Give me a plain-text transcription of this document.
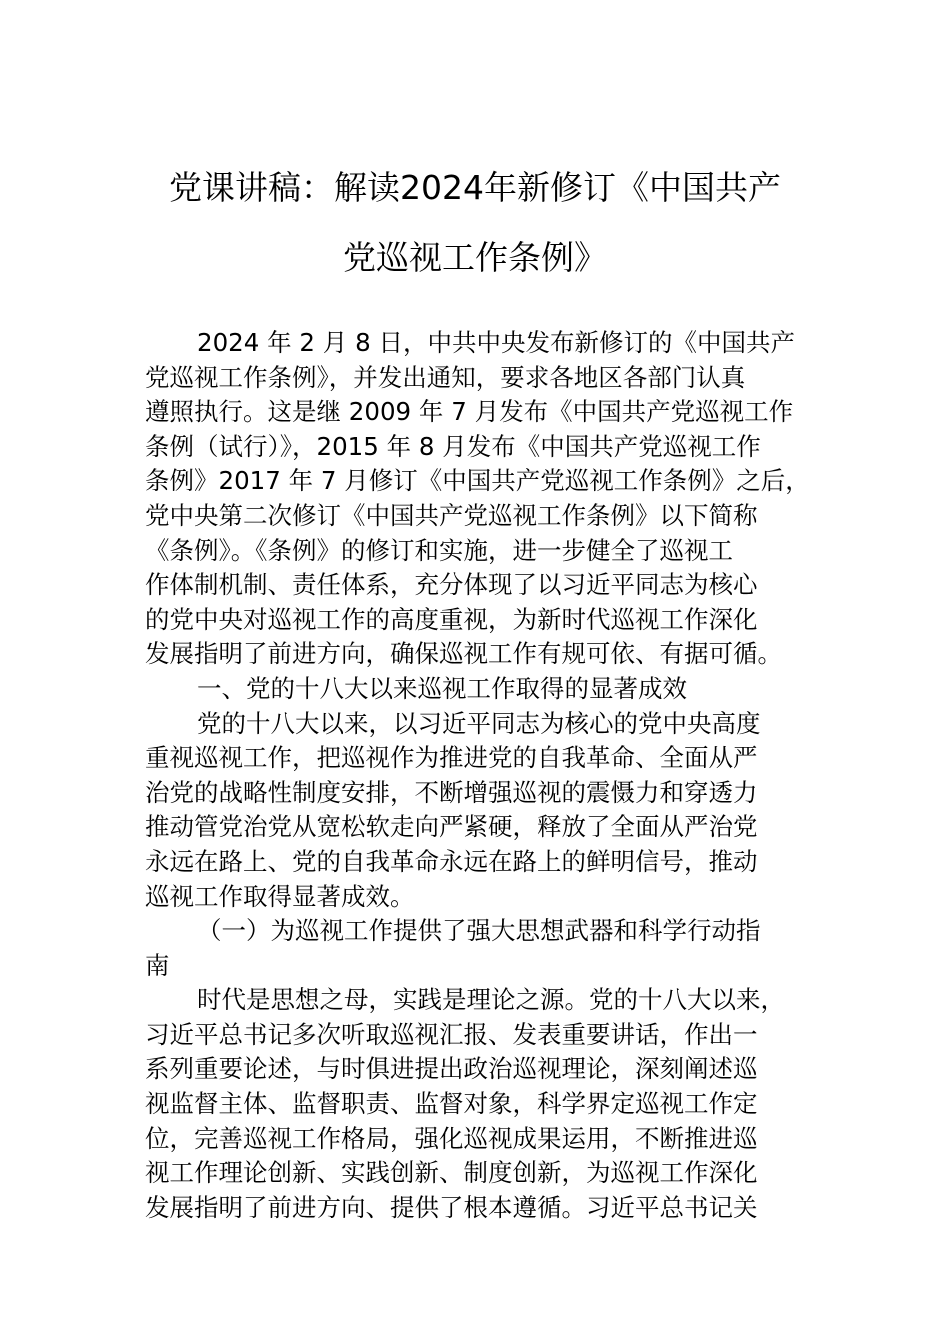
党课讲稿：解读2024年新修订《中国共产
党巡视工作条例》
2024 年 2 月 8 日，中共中央发布新修订的《中国共产
党巡视工作条例》，并发出通知，要求各地区各部门认真
遵照执行。这是继 2009 年 7 月发布《中国共产党巡视工作
条例（试行）》，2015 年 8 月发布《中国共产党巡视工作
条例》2017 年 7 月修订《中国共产党巡视工作条例》之后，
党中央第二次修订《中国共产党巡视工作条例》以下简称
《条例》。《条例》的修订和实施，进一步健全了巡视工
作体制机制、责任体系，充分体现了以习近平同志为核心
的党中央对巡视工作的高度重视，为新时代巡视工作深化
发展指明了前进方向，确保巡视工作有规可依、有据可循。
一、党的十八大以来巡视工作取得的显著成效
党的十八大以来，以习近平同志为核心的党中央高度
重视巡视工作，把巡视作为推进党的自我革命、全面从严
治党的战略性制度安排，不断增强巡视的震慑力和穿透力
推动管党治党从宽松软走向严紧硬，释放了全面从严治党
永远在路上、党的自我革命永远在路上的鲜明信号，推动
巡视工作取得显著成效。
（一）为巡视工作提供了强大思想武器和科学行动指
南
时代是思想之母，实践是理论之源。党的十八大以来，
习近平总书记多次听取巡视汇报、发表重要讲话，作出一
系列重要论述，与时俱进提出政治巡视理论，深刻阐述巡
视监督主体、监督职责、监督对象，科学界定巡视工作定
位，完善巡视工作格局，强化巡视成果运用，不断推进巡
视工作理论创新、实践创新、制度创新，为巡视工作深化
发展指明了前进方向、提供了根本遵循。习近平总书记关
